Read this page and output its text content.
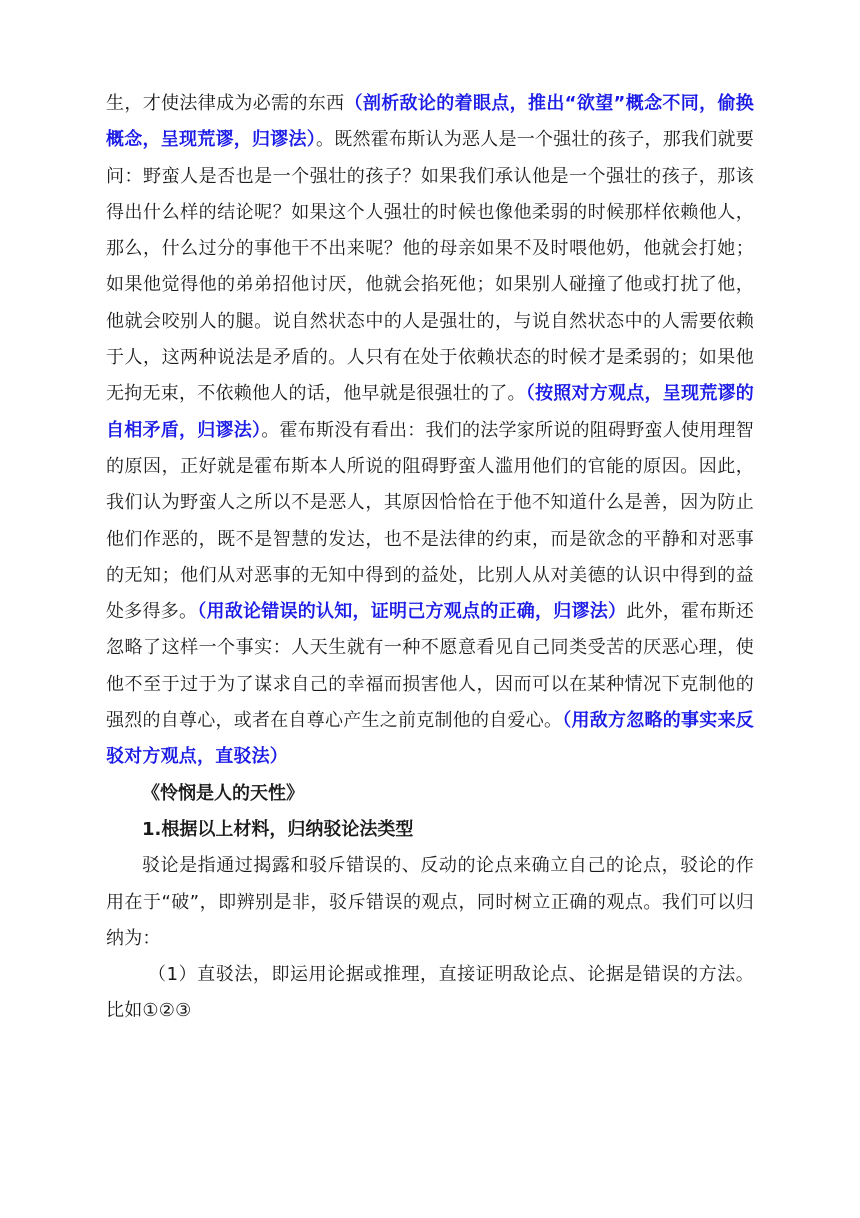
生，才使法律成为必需的东西（剖析敌论的着眼点，推出“欲望”概念不同，偷换概念，呈现荒谬，归谬法）。既然霍布斯认为恶人是一个强壮的孩子，那我们就要问：野蛮人是否也是一个强壮的孩子？如果我们承认他是一个强壮的孩子，那该得出什么样的结论呢？如果这个人强壮的时候也像他柔弱的时候那样依赖他人，那么，什么过分的事他干不出来呢？他的母亲如果不及时喂他奶，他就会打她；如果他觉得他的弟弟招他讨厌，他就会掐死他；如果别人碰撞了他或打扰了他，他就会咬别人的腿。说自然状态中的人是强壮的，与说自然状态中的人需要依赖于人，这两种说法是矛盾的。人只有在处于依赖状态的时候才是柔弱的；如果他无拘无束，不依赖他人的话，他早就是很强壮的了。（按照对方观点，呈现荒谬的自相矛盾，归谬法）。霍布斯没有看出：我们的法学家所说的阻碍野蛮人使用理智的原因，正好就是霍布斯本人所说的阻碍野蛮人滥用他们的官能的原因。因此，我们认为野蛮人之所以不是恶人，其原因恰恰在于他不知道什么是善，因为防止他们作恶的，既不是智慧的发达，也不是法律的约束，而是欲念的平静和对恶事的无知；他们从对恶事的无知中得到的益处，比别人从对美德的认识中得到的益处多得多。（用敌论错误的认知，证明己方观点的正确，归谬法）此外，霍布斯还忽略了这样一个事实：人天生就有一种不愿意看见自己同类受苦的厌恶心理，使他不至于过于为了谋求自己的幸福而损害他人，因而可以在某种情况下克制他的强烈的自尊心，或者在自尊心产生之前克制他的自爱心。（用敌方忽略的事实来反驳对方观点，直驳法）

《怜悯是人的天性》

1.根据以上材料，归纳驳论法类型

驳论是指通过揭露和驳斥错误的、反动的论点来确立自己的论点，驳论的作用在于“破”，即辨别是非，驳斥错误的观点，同时树立正确的观点。我们可以归纳为：

（1）直驳法，即运用论据或推理，直接证明敌论点、论据是错误的方法。比如①②③
